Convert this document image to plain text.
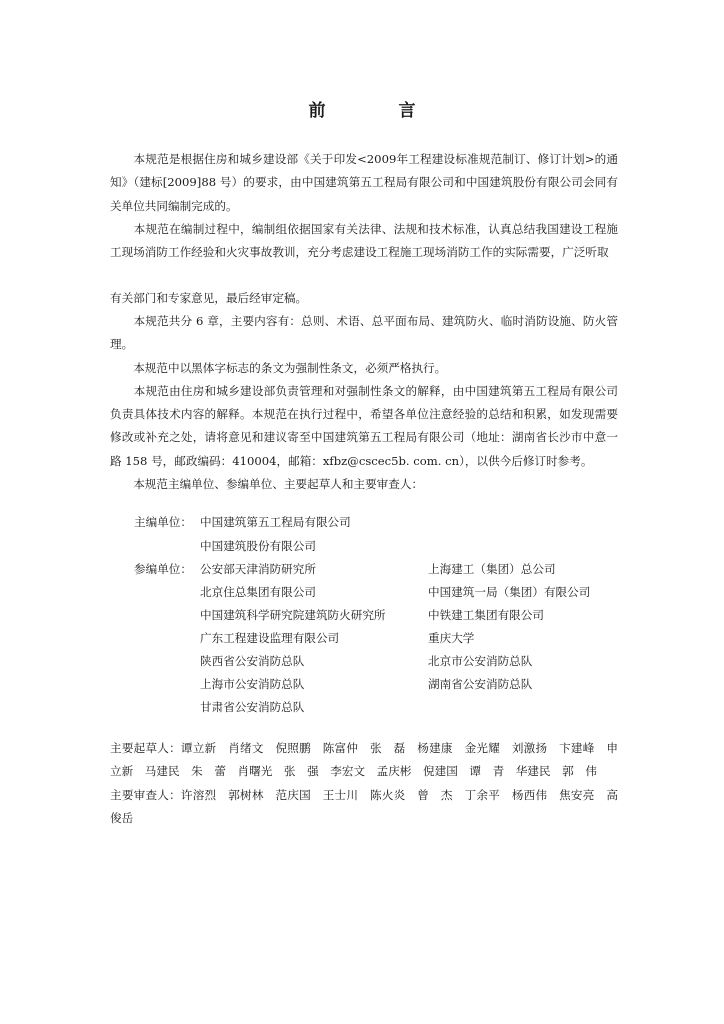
前　言

　　本规范是根据住房和城乡建设部《关于印发<2009年工程建设标准规范制订、修订计划>的通知》（建标[2009]88 号）的要求，由中国建筑第五工程局有限公司和中国建筑股份有限公司会同有关单位共同编制完成的。

　　本规范在编制过程中，编制组依据国家有关法律、法规和技术标准，认真总结我国建设工程施工现场消防工作经验和火灾事故教训，充分考虑建设工程施工现场消防工作的实际需要，广泛听取

有关部门和专家意见，最后经审定稿。

　　本规范共分 6 章，主要内容有：总则、术语、总平面布局、建筑防火、临时消防设施、防火管理。

　　本规范中以黑体字标志的条文为强制性条文，必须严格执行。

　　本规范由住房和城乡建设部负责管理和对强制性条文的解释，由中国建筑第五工程局有限公司负责具体技术内容的解释。本规范在执行过程中，希望各单位注意经验的总结和积累，如发现需要修改或补充之处，请将意见和建议寄至中国建筑第五工程局有限公司（地址：湖南省长沙市中意一路 158 号，邮政编码：410004，邮箱：xfbz@cscec5b. com. cn），以供今后修订时参考。

　　本规范主编单位、参编单位、主要起草人和主要审查人：

主编单位： 中国建筑第五工程局有限公司
中国建筑股份有限公司
参编单位： 公安部天津消防研究所	上海建工（集团）总公司
北京住总集团有限公司	中国建筑一局（集团）有限公司
中国建筑科学研究院建筑防火研究所	中铁建工集团有限公司
广东工程建设监理有限公司	重庆大学
陕西省公安消防总队	北京市公安消防总队
上海市公安消防总队	湖南省公安消防总队
甘肃省公安消防总队

主要起草人：谭立新　肖绪文　倪照鹏　陈富仲　张　磊　杨建康　金光耀　刘激扬　卞建峰　申立新　马建民　朱　蕾　肖曙光　张　强　李宏文　孟庆彬　倪建国　谭　青　华建民　郭　伟

主要审查人：许溶烈　郭树林　范庆国　王士川　陈火炎　曾　杰　丁余平　杨西伟　焦安亮　高俊岳
